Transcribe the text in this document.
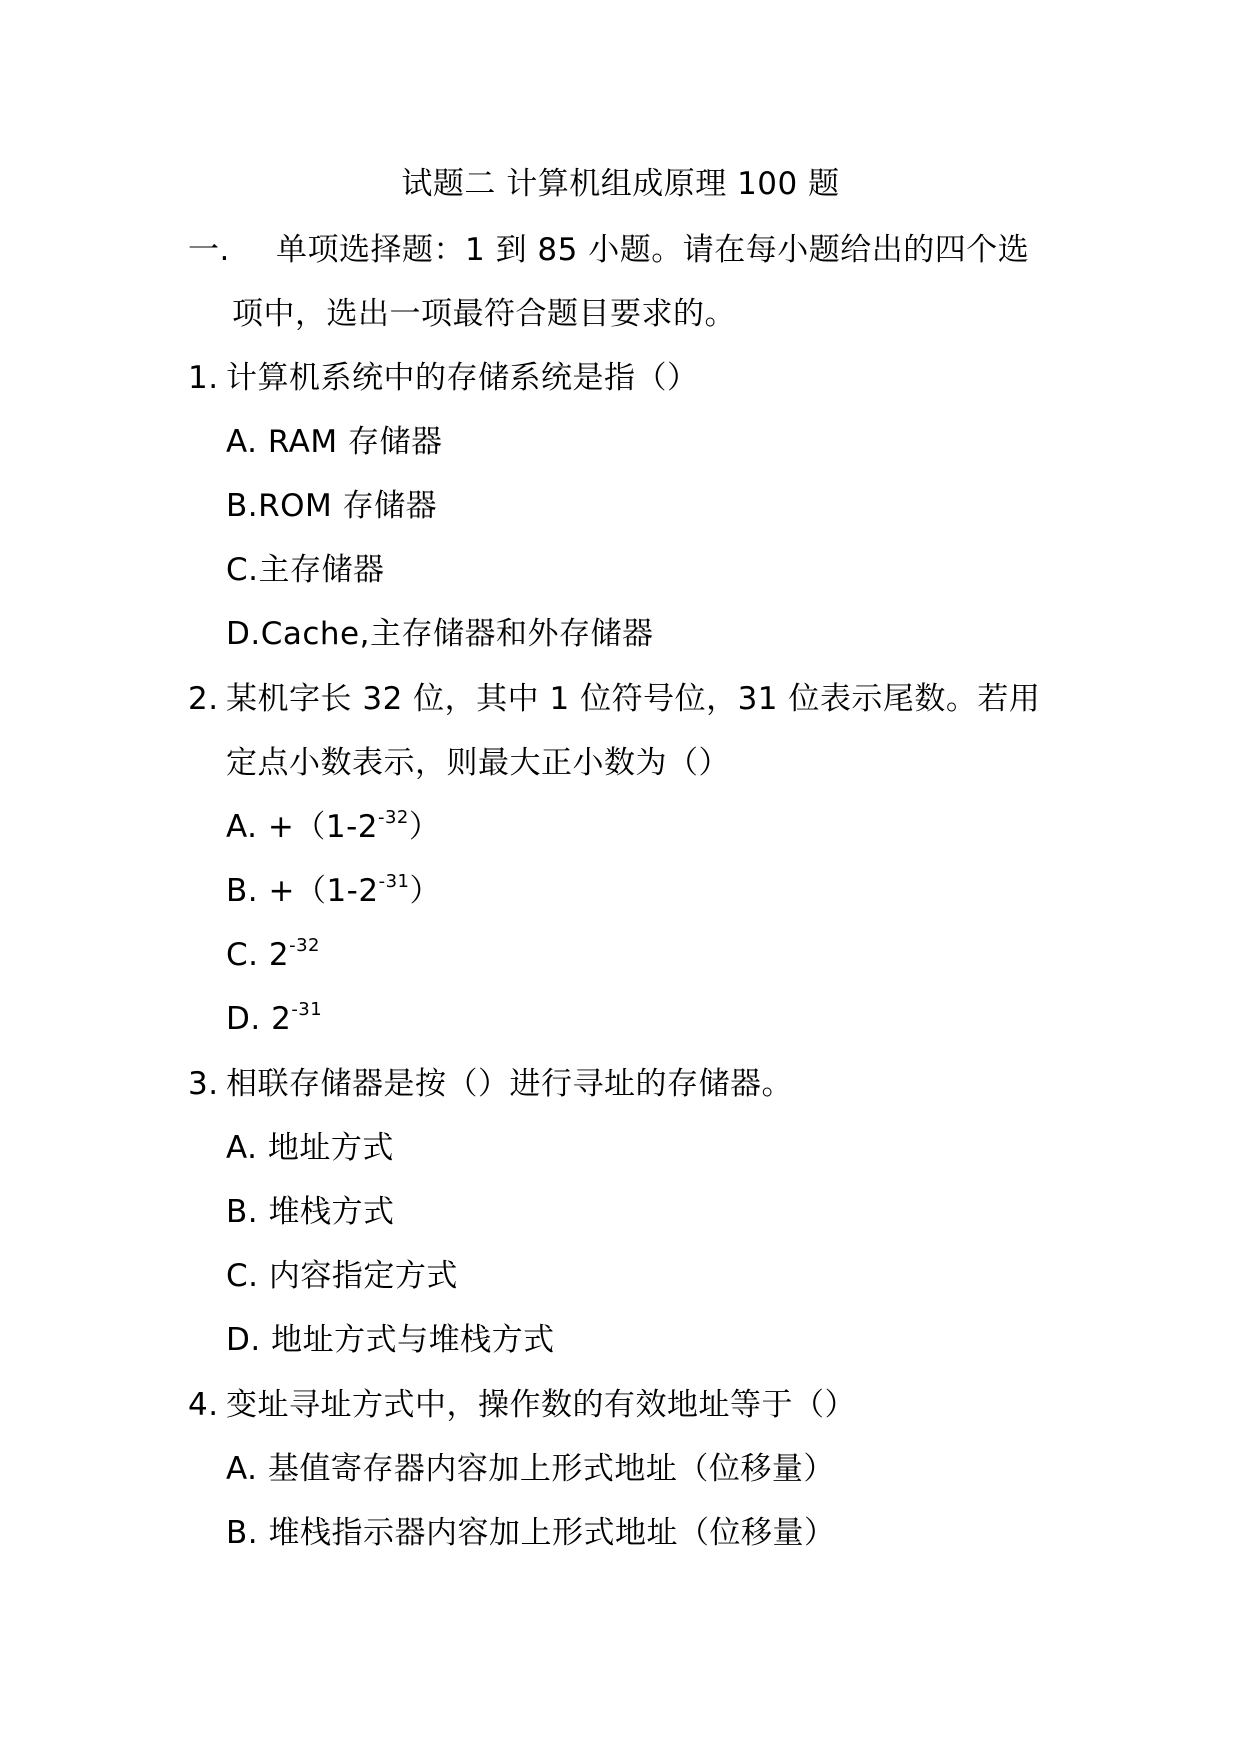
试题二 计算机组成原理 100 题
一. 单项选择题：1 到 85 小题。请在每小题给出的四个选
项中，选出一项最符合题目要求的。
1. 计算机系统中的存储系统是指（）
A. RAM 存储器
B.ROM 存储器
C.主存储器
D.Cache,主存储器和外存储器
2. 某机字长 32 位，其中 1 位符号位，31 位表示尾数。若用
定点小数表示，则最大正小数为（）
A. $+(1-2^{-32})$
B. $+(1-2^{-31})$
C. $2^{-32}$
D. $2^{-31}$
3. 相联存储器是按（）进行寻址的存储器。
A. 地址方式
B. 堆栈方式
C. 内容指定方式
D. 地址方式与堆栈方式
4. 变址寻址方式中，操作数的有效地址等于（）
A. 基值寄存器内容加上形式地址（位移量）
B. 堆栈指示器内容加上形式地址（位移量）
